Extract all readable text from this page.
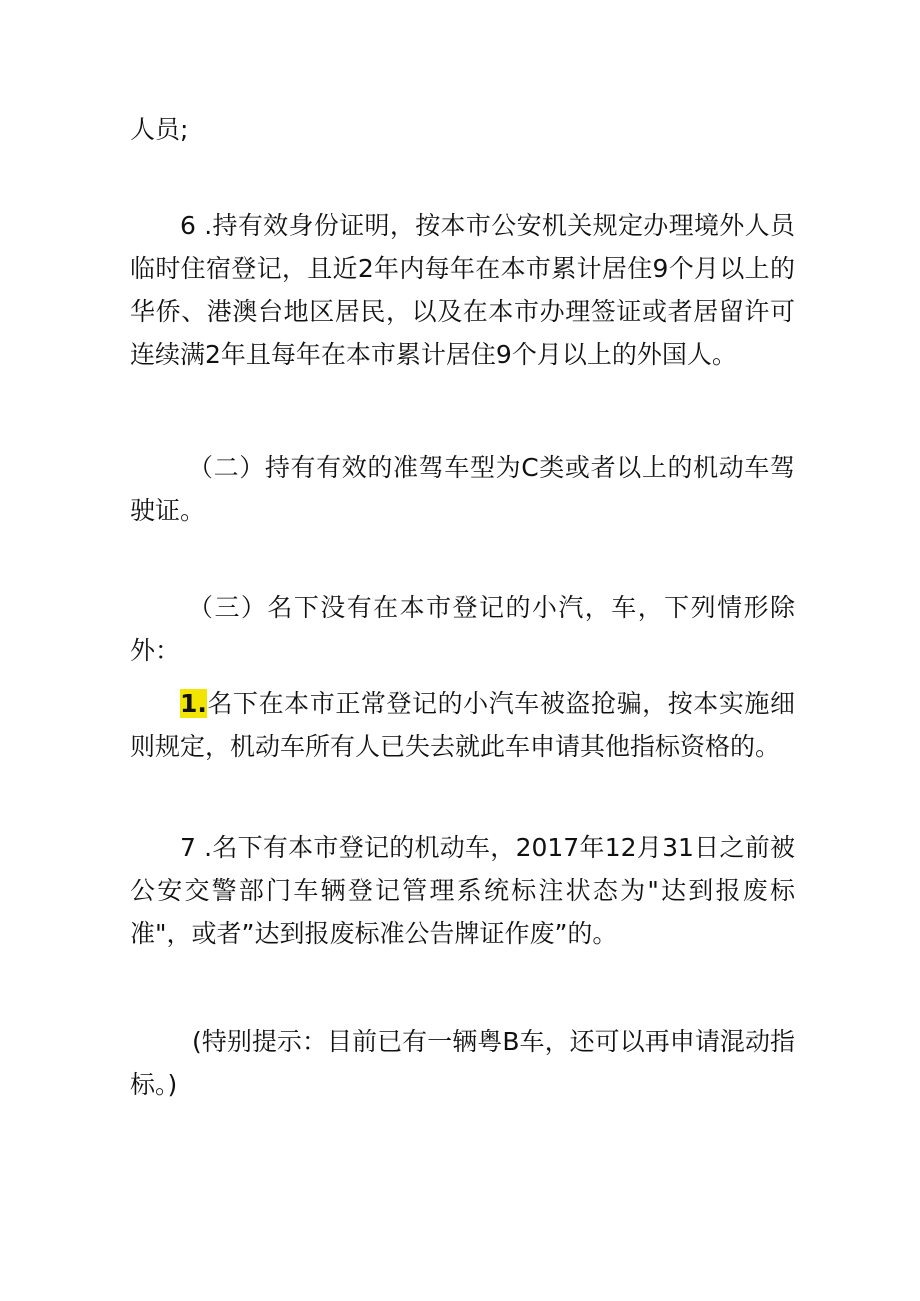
人员;

6 .持有效身份证明，按本市公安机关规定办理境外人员临时住宿登记，且近2年内每年在本市累计居住9个月以上的华侨、港澳台地区居民，以及在本市办理签证或者居留许可连续满2年且每年在本市累计居住9个月以上的外国人。

（二）持有有效的准驾车型为C类或者以上的机动车驾驶证。

（三）名下没有在本市登记的小汽，车，下列情形除外：

1.名下在本市正常登记的小汽车被盗抢骗，按本实施细则规定，机动车所有人已失去就此车申请其他指标资格的。

7 .名下有本市登记的机动车，2017年12月31日之前被公安交警部门车辆登记管理系统标注状态为"达到报废标准"，或者”达到报废标准公告牌证作废”的。

(特别提示：目前已有一辆粤B车，还可以再申请混动指标。)
